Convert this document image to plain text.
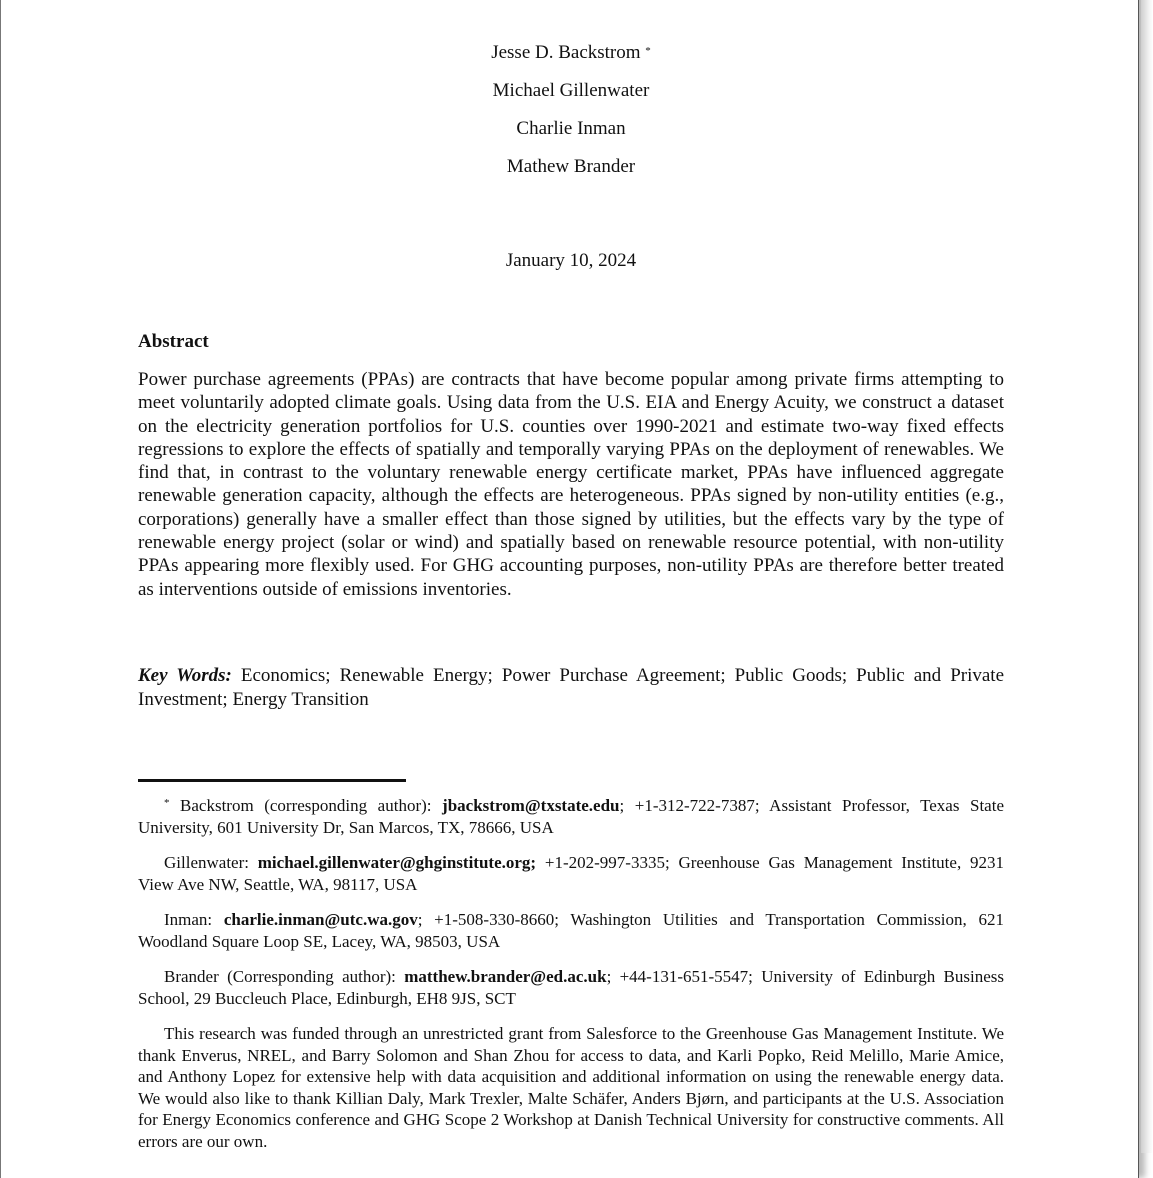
Jesse D. Backstrom *
Michael Gillenwater
Charlie Inman
Mathew Brander
January 10, 2024
Abstract
Power purchase agreements (PPAs) are contracts that have become popular among private firms attempting to meet voluntarily adopted climate goals. Using data from the U.S. EIA and Energy Acuity, we construct a dataset on the electricity generation portfolios for U.S. counties over 1990-2021 and estimate two-way fixed effects regressions to explore the effects of spatially and temporally varying PPAs on the deployment of renewables. We find that, in contrast to the voluntary renewable energy certificate market, PPAs have influenced aggregate renewable generation capacity, although the effects are heterogeneous. PPAs signed by non-utility entities (e.g., corporations) generally have a smaller effect than those signed by utilities, but the effects vary by the type of renewable energy project (solar or wind) and spatially based on renewable resource potential, with non-utility PPAs appearing more flexibly used. For GHG accounting purposes, non-utility PPAs are therefore better treated as interventions outside of emissions inventories.
Key Words: Economics; Renewable Energy; Power Purchase Agreement; Public Goods; Public and Private Investment; Energy Transition

* Backstrom (corresponding author): jbackstrom@txstate.edu; +1-312-722-7387; Assistant Professor, Texas State University, 601 University Dr, San Marcos, TX, 78666, USA

Gillenwater: michael.gillenwater@ghginstitute.org; +1-202-997-3335; Greenhouse Gas Management Institute, 9231 View Ave NW, Seattle, WA, 98117, USA

Inman: charlie.inman@utc.wa.gov; +1-508-330-8660; Washington Utilities and Transportation Commission, 621 Woodland Square Loop SE, Lacey, WA, 98503, USA

Brander (Corresponding author): matthew.brander@ed.ac.uk; +44-131-651-5547; University of Edinburgh Business School, 29 Buccleuch Place, Edinburgh, EH8 9JS, SCT

This research was funded through an unrestricted grant from Salesforce to the Greenhouse Gas Management Institute. We thank Enverus, NREL, and Barry Solomon and Shan Zhou for access to data, and Karli Popko, Reid Melillo, Marie Amice, and Anthony Lopez for extensive help with data acquisition and additional information on using the renewable energy data. We would also like to thank Killian Daly, Mark Trexler, Malte Schäfer, Anders Bjørn, and participants at the U.S. Association for Energy Economics conference and GHG Scope 2 Workshop at Danish Technical University for constructive comments. All errors are our own.
